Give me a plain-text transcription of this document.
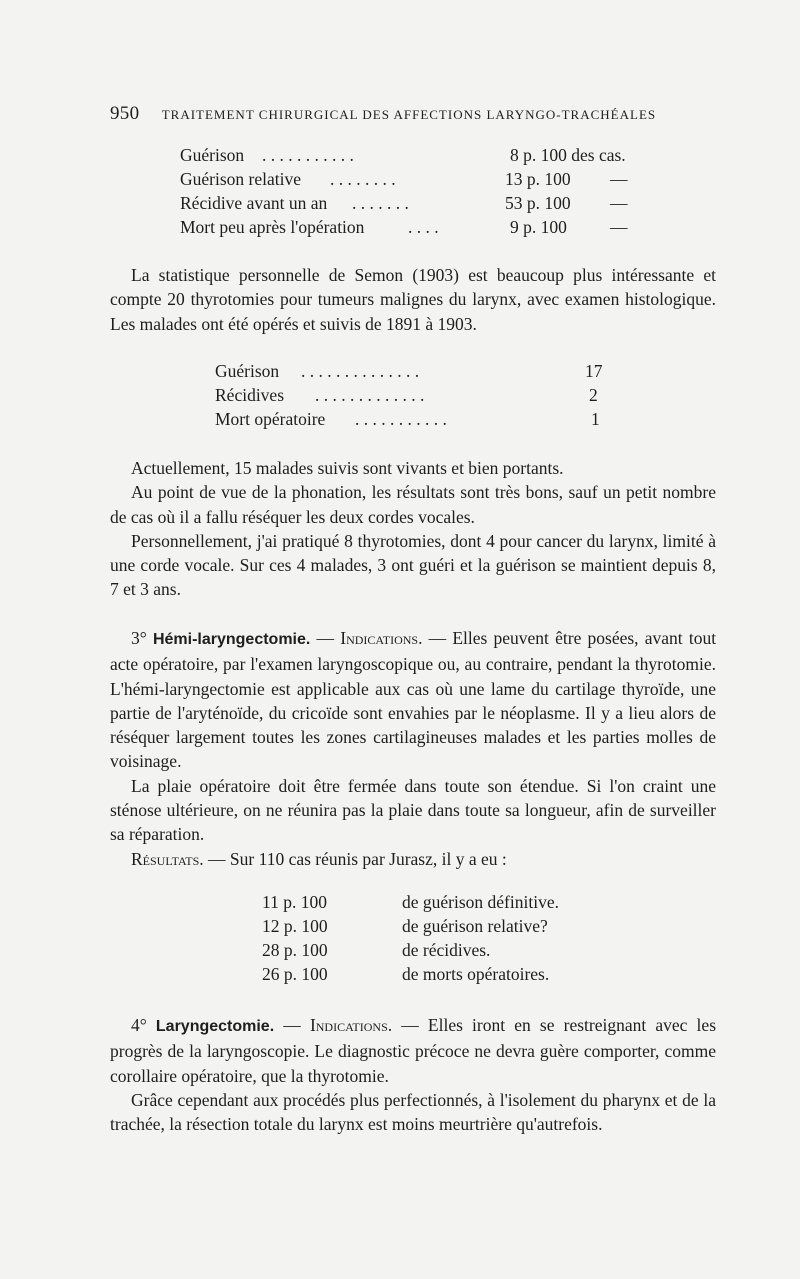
950 TRAITEMENT CHIRURGICAL DES AFFECTIONS LARYNGO-TRACHÉALES
Guérison . . . . . . . . . . .	8 p. 100 des cas.
Guérison relative . . . . . . . .	13 p. 100 —
Récidive avant un an . . . . . . .	53 p. 100 —
Mort peu après l'opération . . . .	9 p. 100 —

La statistique personnelle de Semon (1903) est beaucoup plus intéressante et compte 20 thyrotomies pour tumeurs malignes du larynx, avec examen histologique. Les malades ont été opérés et suivis de 1891 à 1903.

Guérison . . . . . . . . . . . . . .	17
Récidives . . . . . . . . . . . . .	2
Mort opératoire . . . . . . . . . . .	1

Actuellement, 15 malades suivis sont vivants et bien portants.

Au point de vue de la phonation, les résultats sont très bons, sauf un petit nombre de cas où il a fallu réséquer les deux cordes vocales.

Personnellement, j'ai pratiqué 8 thyrotomies, dont 4 pour cancer du larynx, limité à une corde vocale. Sur ces 4 malades, 3 ont guéri et la guérison se maintient depuis 8, 7 et 3 ans.

3° Hémi-laryngectomie. — Indications. — Elles peuvent être posées, avant tout acte opératoire, par l'examen laryngoscopique ou, au contraire, pendant la thyrotomie. L'hémi-laryngectomie est applicable aux cas où une lame du cartilage thyroïde, une partie de l'aryténoïde, du cricoïde sont envahies par le néoplasme. Il y a lieu alors de réséquer largement toutes les zones cartilagineuses malades et les parties molles de voisinage.

La plaie opératoire doit être fermée dans toute son étendue. Si l'on craint une sténose ultérieure, on ne réunira pas la plaie dans toute sa longueur, afin de surveiller sa réparation.

Résultats. — Sur 110 cas réunis par Jurasz, il y a eu :

11 p. 100	de guérison définitive.
12 p. 100	de guérison relative?
28 p. 100	de récidives.
26 p. 100	de morts opératoires.

4° Laryngectomie. — Indications. — Elles iront en se restreignant avec les progrès de la laryngoscopie. Le diagnostic précoce ne devra guère comporter, comme corollaire opératoire, que la thyrotomie.

Grâce cependant aux procédés plus perfectionnés, à l'isolement du pharynx et de la trachée, la résection totale du larynx est moins meurtrière qu'autrefois.
